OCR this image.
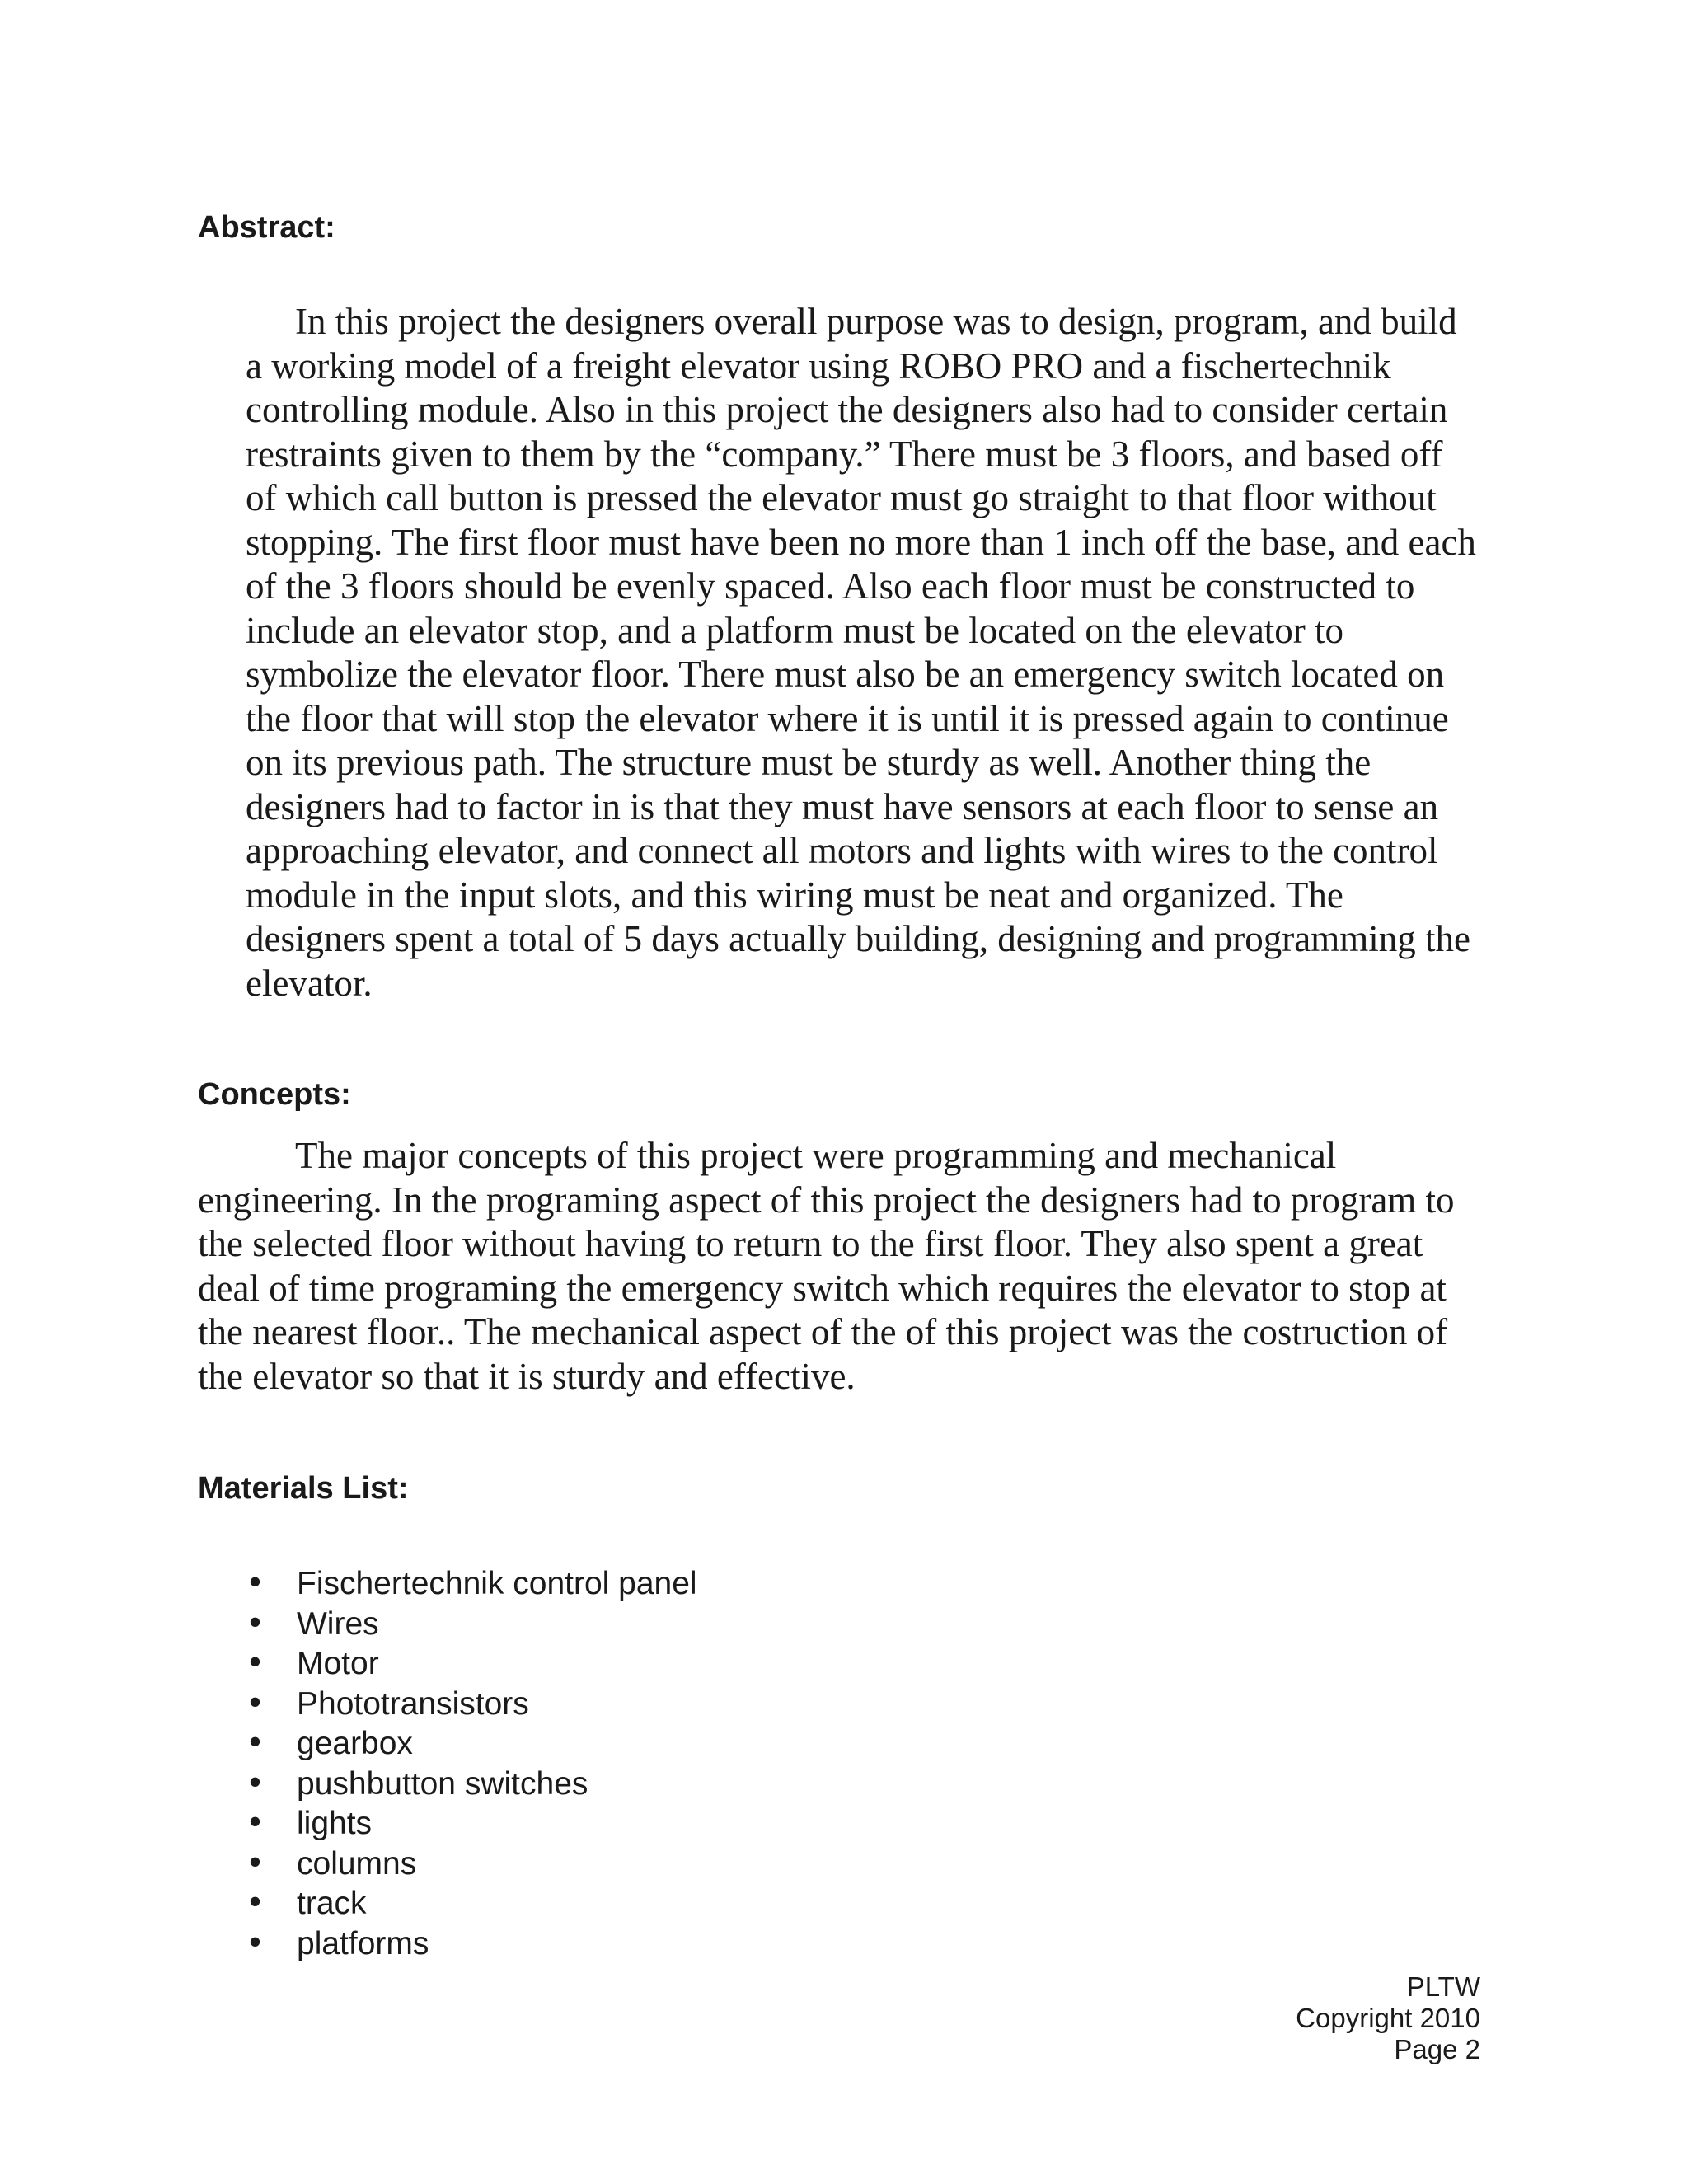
Abstract:

In this project the designers overall purpose was to design, program, and build a working model of a freight elevator using ROBO PRO and a fischertechnik controlling module. Also in this project the designers also had to consider certain restraints given to them by the “company.” There must be 3 floors, and based off of which call button is pressed the elevator must go straight to that floor without stopping. The first floor must have been no more than 1 inch off the base, and each of the 3 floors should be evenly spaced. Also each floor must be constructed to include an elevator stop, and a platform must be located on the elevator to symbolize the elevator floor. There must also be an emergency switch located on the floor that will stop the elevator where it is until it is pressed again to continue on its previous path. The structure must be sturdy as well. Another thing the designers had to factor in is that they must have sensors at each floor to sense an approaching elevator, and connect all motors and lights with wires to the control module in the input slots, and this wiring must be neat and organized. The designers spent a total of 5 days actually building, designing and programming the elevator.

Concepts:

The major concepts of this project were programming and mechanical engineering. In the programing aspect of this project the designers had to program to the selected floor without having to return to the first floor. They also spent a great deal of time programing the emergency switch which requires the elevator to stop at the nearest floor.. The mechanical aspect of the of this project was the costruction of the elevator so that it is sturdy and effective.

Materials List:
• Fischertechnik control panel
• Wires
• Motor
• Phototransistors
• gearbox
• pushbutton switches
• lights
• columns
• track
• platforms
PLTW
Copyright 2010
Page 2
